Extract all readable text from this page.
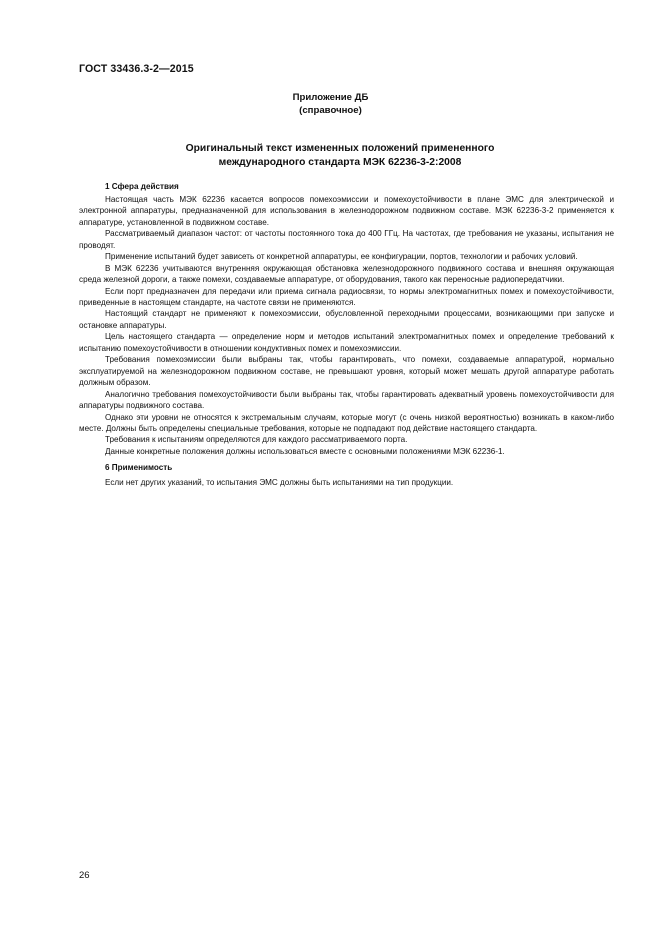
ГОСТ 33436.3-2—2015
Приложение ДБ
(справочное)
Оригинальный текст измененных положений примененного
международного стандарта МЭК 62236-3-2:2008
1 Сфера действия

Настоящая часть МЭК 62236 касается вопросов помехоэмиссии и помехоустойчивости в плане ЭМС для электрической и электронной аппаратуры, предназначенной для использования в железнодорожном подвижном составе. МЭК 62236-3-2 применяется к аппаратуре, установленной в подвижном составе.

Рассматриваемый диапазон частот: от частоты постоянного тока до 400 ГГц. На частотах, где требования не указаны, испытания не проводят.

Применение испытаний будет зависеть от конкретной аппаратуры, ее конфигурации, портов, технологии и рабочих условий.

В МЭК 62236 учитываются внутренняя окружающая обстановка железнодорожного подвижного состава и внешняя окружающая среда железной дороги, а также помехи, создаваемые аппаратуре, от оборудования, такого как переносные радиопередатчики.

Если порт предназначен для передачи или приема сигнала радиосвязи, то нормы электромагнитных помех и помехоустойчивости, приведенные в настоящем стандарте, на частоте связи не применяются.

Настоящий стандарт не применяют к помехоэмиссии, обусловленной переходными процессами, возникающими при запуске и остановке аппаратуры.

Цель настоящего стандарта — определение норм и методов испытаний электромагнитных помех и определение требований к испытанию помехоустойчивости в отношении кондуктивных помех и помехоэмиссии.

Требования помехоэмиссии были выбраны так, чтобы гарантировать, что помехи, создаваемые аппаратурой, нормально эксплуатируемой на железнодорожном подвижном составе, не превышают уровня, который может мешать другой аппаратуре работать должным образом.

Аналогично требования помехоустойчивости были выбраны так, чтобы гарантировать адекватный уровень помехоустойчивости для аппаратуры подвижного состава.

Однако эти уровни не относятся к экстремальным случаям, которые могут (с очень низкой вероятностью) возникать в каком-либо месте. Должны быть определены специальные требования, которые не подпадают под действие настоящего стандарта.

Требования к испытаниям определяются для каждого рассматриваемого порта.

Данные конкретные положения должны использоваться вместе с основными положениями МЭК 62236-1.

6 Применимость

Если нет других указаний, то испытания ЭМС должны быть испытаниями на тип продукции.

26
